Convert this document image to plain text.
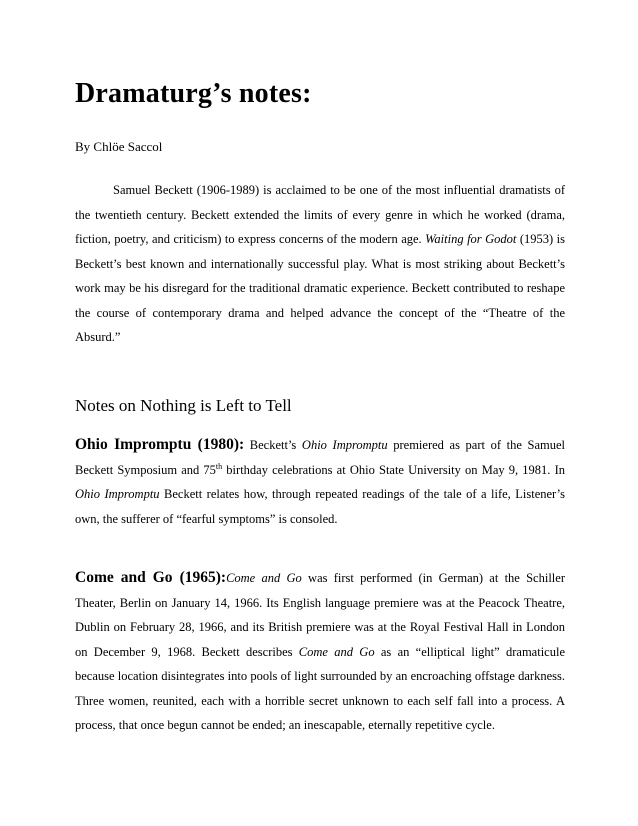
Dramaturg’s notes:
By Chlöe Saccol

Samuel Beckett (1906-1989) is acclaimed to be one of the most influential dramatists of the twentieth century. Beckett extended the limits of every genre in which he worked (drama, fiction, poetry, and criticism) to express concerns of the modern age. Waiting for Godot (1953) is Beckett’s best known and internationally successful play. What is most striking about Beckett’s work may be his disregard for the traditional dramatic experience. Beckett contributed to reshape the course of contemporary drama and helped advance the concept of the “Theatre of the Absurd.”

Notes on Nothing is Left to Tell

Ohio Impromptu (1980): Beckett’s Ohio Impromptu premiered as part of the Samuel Beckett Symposium and 75th birthday celebrations at Ohio State University on May 9, 1981. In Ohio Impromptu Beckett relates how, through repeated readings of the tale of a life, Listener’s own, the sufferer of “fearful symptoms” is consoled.

Come and Go (1965):Come and Go was first performed (in German) at the Schiller Theater, Berlin on January 14, 1966. Its English language premiere was at the Peacock Theatre, Dublin on February 28, 1966, and its British premiere was at the Royal Festival Hall in London on December 9, 1968. Beckett describes Come and Go as an “elliptical light” dramaticule because location disintegrates into pools of light surrounded by an encroaching offstage darkness. Three women, reunited, each with a horrible secret unknown to each self fall into a process. A process, that once begun cannot be ended; an inescapable, eternally repetitive cycle.
